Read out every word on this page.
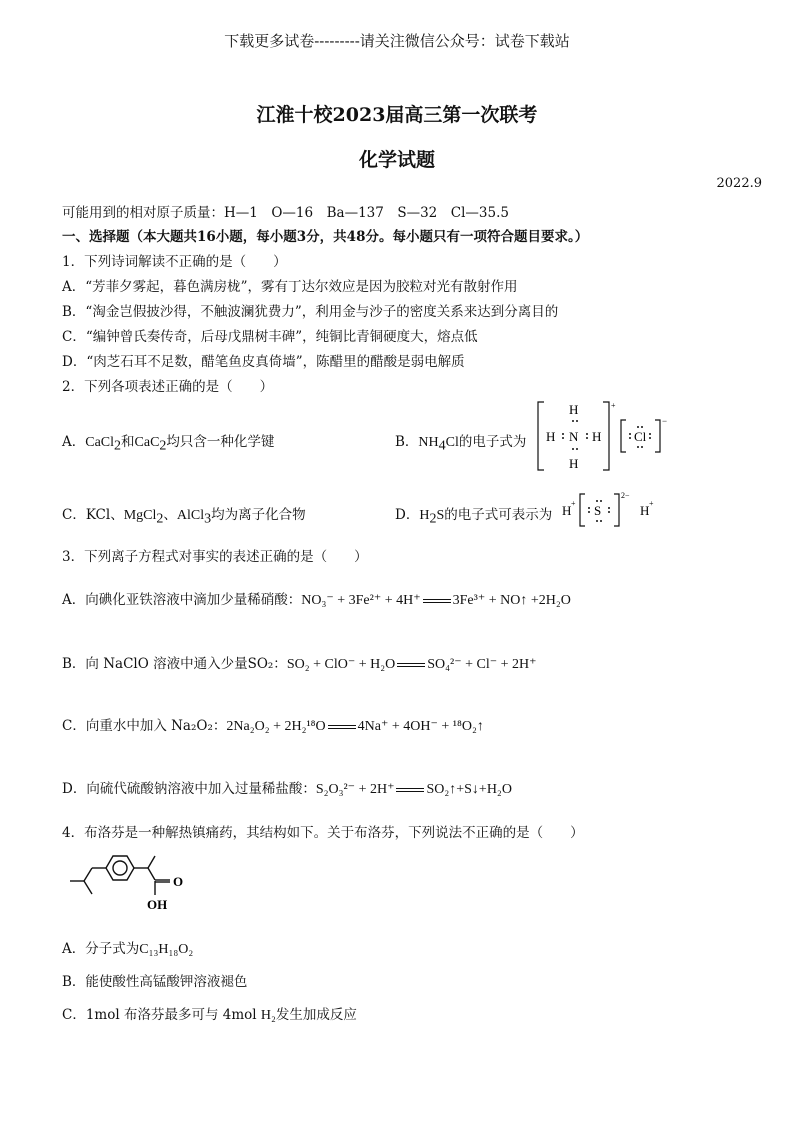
下载更多试卷---------请关注微信公众号：试卷下载站
江淮十校2023届高三第一次联考
化学试题
2022.9
可能用到的相对原子质量：H—1　O—16　Ba—137　S—32　Cl—35.5
一、选择题（本大题共16小题，每小题3分，共48分。每小题只有一项符合题目要求。）
1．下列诗词解读不正确的是（　　）
A．“芳菲夕雾起，暮色满房栊”，雾有丁达尔效应是因为胶粒对光有散射作用
B．“淘金岂假披沙得，不触波澜犹费力”，利用金与沙子的密度关系来达到分离目的
C．“编钟曾氏奏传奇，后母戊鼎树丰碑”，纯铜比青铜硬度大，熔点低
D．“肉芝石耳不足数，醋笔鱼皮真倚墙”，陈醋里的醋酸是弱电解质
2．下列各项表述正确的是（　　）
A．CaCl$_2$和CaC$_2$均只含一种化学键	B．$NH_4Cl$的电子式为
H
H N H
H
+
Cl
−
C．KCl、MgCl$_2$、AlCl$_3$均为离子化合物	D．$H_2S$的电子式可表示为 H + S
2−
H +
3．下列离子方程式对事实的表述正确的是（　　）
A．向碘化亚铁溶液中滴加少量稀硝酸：NO₃⁻ + 3Fe²⁺ + 4H⁺ 3Fe³⁺ + NO↑ +2H₂O
B．向 NaClO 溶液中通入少量SO₂：SO₂ + ClO⁻ + H₂O SO₄²⁻ + Cl⁻ + 2H⁺
C．向重水中加入 Na₂O₂：2Na₂O₂ + 2H₂¹⁸O 4Na⁺ + 4OH⁻ + ¹⁸O₂↑
D．向硫代硫酸钠溶液中加入过量稀盐酸：S₂O₃²⁻ + 2H⁺ SO₂↑+S↓+H₂O
4．布洛芬是一种解热镇痛药，其结构如下。关于布洛芬，下列说法不正确的是（　　）
O
OH
A．分子式为C₁₃H₁₈O₂
B．能使酸性高锰酸钾溶液褪色
C．1mol 布洛芬最多可与 4mol H₂发生加成反应
